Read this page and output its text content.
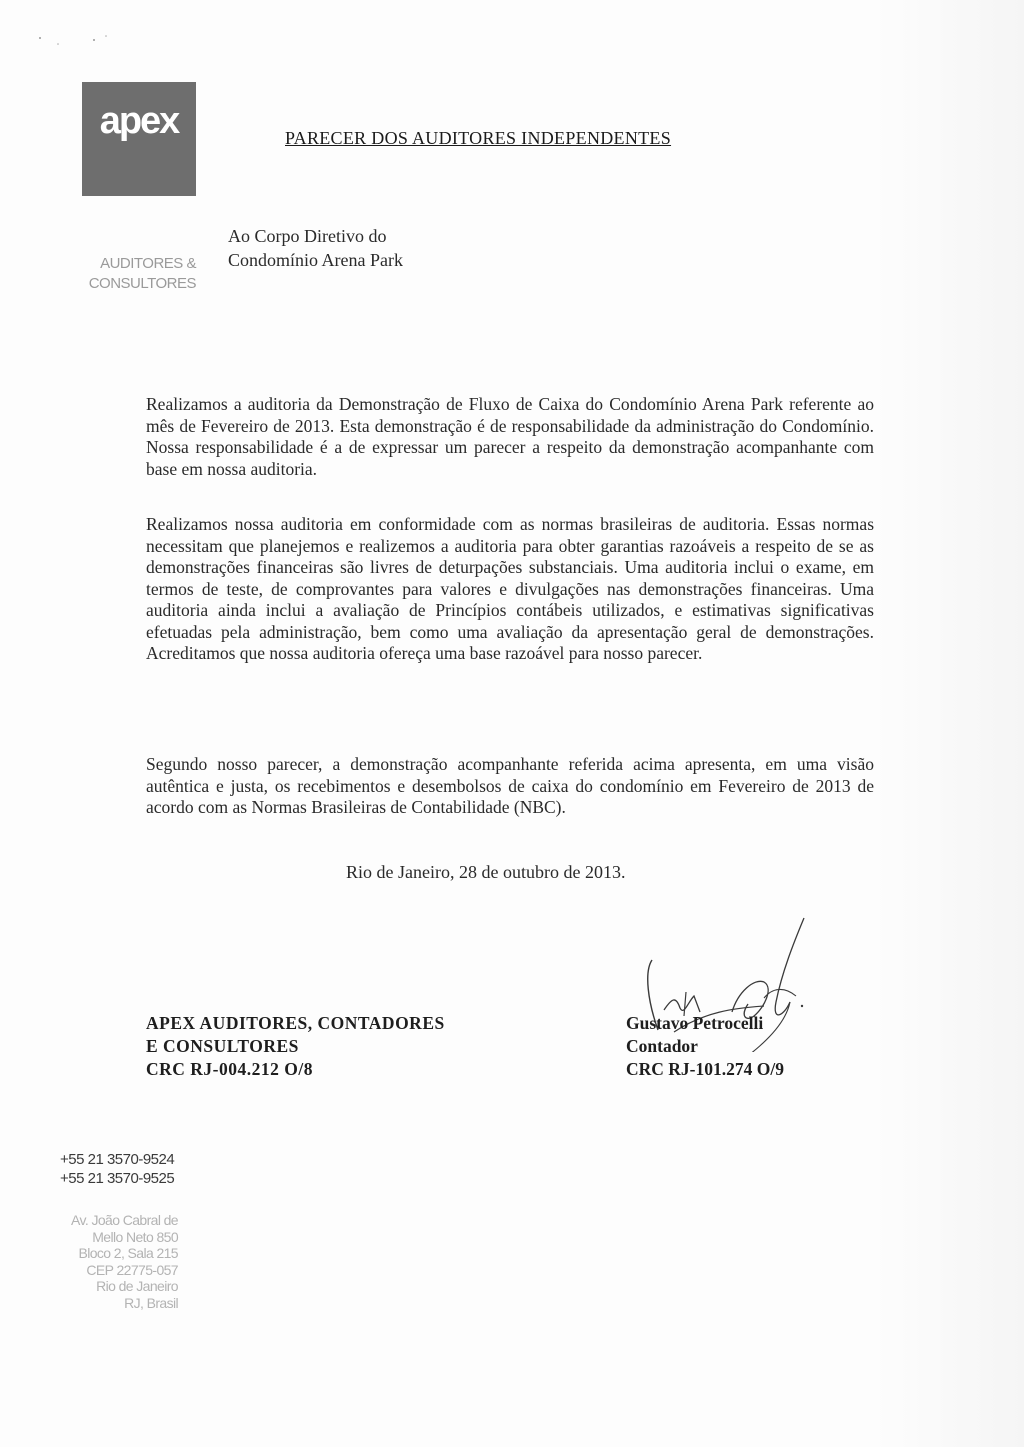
apex
AUDITORES &
CONSULTORES
PARECER DOS AUDITORES INDEPENDENTES
Ao Corpo Diretivo do
Condomínio Arena Park
Realizamos a auditoria da Demonstração de Fluxo de Caixa do Condomínio Arena Park referente ao mês de Fevereiro de 2013. Esta demonstração é de responsabilidade da administração do Condomínio. Nossa responsabilidade é a de expressar um parecer a respeito da demonstração acompanhante com base em nossa auditoria.
Realizamos nossa auditoria em conformidade com as normas brasileiras de auditoria. Essas normas necessitam que planejemos e realizemos a auditoria para obter garantias razoáveis a respeito de se as demonstrações financeiras são livres de deturpações substanciais. Uma auditoria inclui o exame, em termos de teste, de comprovantes para valores e divulgações nas demonstrações financeiras. Uma auditoria ainda inclui a avaliação de Princípios contábeis utilizados, e estimativas significativas efetuadas pela administração, bem como uma avaliação da apresentação geral de demonstrações. Acreditamos que nossa auditoria ofereça uma base razoável para nosso parecer.
Segundo nosso parecer, a demonstração acompanhante referida acima apresenta, em uma visão autêntica e justa, os recebimentos e desembolsos de caixa do condomínio em Fevereiro de 2013 de acordo com as Normas Brasileiras de Contabilidade (NBC).
Rio de Janeiro, 28 de outubro de 2013.
APEX AUDITORES, CONTADORES
E CONSULTORES
CRC RJ-004.212 O/8
Gustavo Petrocelli
Contador
CRC RJ-101.274 O/9
+55 21 3570-9524
+55 21 3570-9525
Av. João Cabral de
Mello Neto 850
Bloco 2, Sala 215
CEP 22775-057
Rio de Janeiro
RJ, Brasil
